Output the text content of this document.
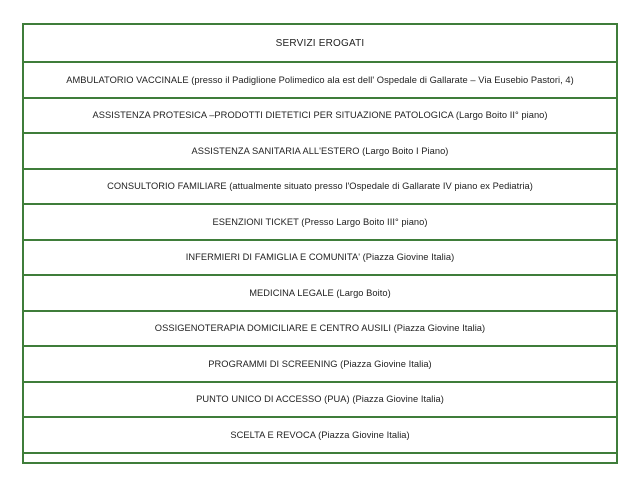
SERVIZI EROGATI
AMBULATORIO VACCINALE (presso il Padiglione Polimedico ala est dell' Ospedale di Gallarate – Via Eusebio Pastori, 4)
ASSISTENZA PROTESICA –PRODOTTI DIETETICI PER SITUAZIONE PATOLOGICA (Largo Boito II° piano)
ASSISTENZA SANITARIA ALL'ESTERO (Largo Boito I Piano)
CONSULTORIO FAMILIARE (attualmente situato presso l'Ospedale di Gallarate IV piano ex Pediatria)
ESENZIONI TICKET (Presso Largo Boito III° piano)
INFERMIERI DI FAMIGLIA E COMUNITA' (Piazza Giovine Italia)
MEDICINA LEGALE (Largo Boito)
OSSIGENOTERAPIA DOMICILIARE E CENTRO AUSILI (Piazza Giovine Italia)
PROGRAMMI DI SCREENING (Piazza Giovine Italia)
PUNTO UNICO DI ACCESSO (PUA) (Piazza Giovine Italia)
SCELTA E REVOCA (Piazza Giovine Italia)
